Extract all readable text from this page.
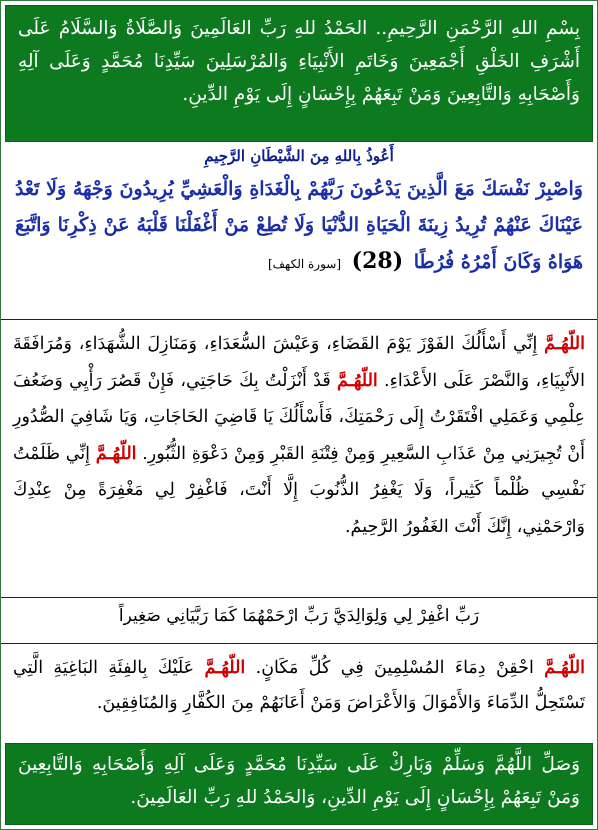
بِسْمِ اللهِ الرَّحْمَنِ الرَّحِيمِ.. الحَمْدُ للهِ رَبِّ العَالَمِينَ وَالصَّلَاةُ وَالسَّلَامُ عَلَى أَشْرَفِ الخَلْقِ أَجْمَعِينَ وَخَاتَمِ الأَنْبِيَاءِ وَالمُرْسَلِينَ سَيِّدِنَا مُحَمَّدٍ وَعَلَى آلِهِ وَأَصْحَابِهِ وَالتَّابِعِينَ وَمَنْ تَبِعَهُمْ بِإِحْسَانٍ إِلَى يَوْمِ الدِّينِ.
أَعُوذُ بِاللهِ مِنَ الشَّيْطَانِ الرَّجِيمِ
وَاصْبِرْ نَفْسَكَ مَعَ الَّذِينَ يَدْعُونَ رَبَّهُمْ بِالْغَدَاةِ وَالْعَشِيِّ يُرِيدُونَ وَجْهَهُ وَلَا تَعْدُ عَيْنَاكَ عَنْهُمْ تُرِيدُ زِينَةَ الْحَيَاةِ الدُّنْيَا وَلَا تُطِعْ مَنْ أَغْفَلْنَا قَلْبَهُ عَنْ ذِكْرِنَا وَاتَّبَعَ هَوَاهُ وَكَانَ أَمْرُهُ فُرُطًا (28) [سورة الكهف]
اللّهُـمَّ إِنِّي أَسْأَلُكَ الفَوْزَ يَوْمَ القَضَاءِ، وَعَيْشَ السُّعَدَاءِ، وَمَنَازِلَ الشُّهَدَاءِ، وَمُرَافَقَةَ الأَنْبِيَاءِ، وَالنَّصْرَ عَلَى الأَعْدَاءِ. اللّهُـمَّ قَدْ أَنْزَلْتُ بِكَ حَاجَتِي، فَإِنْ قَصُرَ رَأْيِي وَضَعُفَ عِلْمِي وَعَمَلِي افْتَقَرْتُ إِلَى رَحْمَتِكَ، فَأَسْأَلُكَ يَا قَاضِيَ الحَاجَاتِ، وَيَا شَافِيَ الصُّدُورِ أَنْ تُجِيرَنِي مِنْ عَذَابِ السَّعِيرِ وَمِنْ فِتْنَةِ القَبْرِ وَمِنْ دَعْوَةِ الثُّبُورِ. اللّهُـمَّ إِنِّي ظَلَمْتُ نَفْسِي ظُلْماً كَثِيراً، وَلَا يَغْفِرُ الذُّنُوبَ إِلَّا أَنْتَ، فَاغْفِرْ لِي مَغْفِرَةً مِنْ عِنْدِكَ وَارْحَمْنِي، إِنَّكَ أَنْتَ الغَفُورُ الرَّحِيمُ.
رَبِّ اغْفِرْ لِي وَلِوَالِدَيَّ رَبِّ ارْحَمْهُمَا كَمَا رَبَّيَانِي صَغِيراً
اللّهُـمَّ احْقِنْ دِمَاءَ المُسْلِمِينَ فِي كُلِّ مَكَانٍ. اللّهُـمَّ عَلَيْكَ بِالفِئَةِ البَاغِيَةِ الَّتِي تَسْتَحِلُّ الدِّمَاءَ وَالأَمْوَالَ وَالأَعْرَاضَ وَمَنْ أَعَانَهُمْ مِنَ الكُفَّارِ وَالمُنَافِقِينَ.
وَصَلِّ اللَّهُمَّ وَسَلِّمْ وَبَارِكْ عَلَى سَيِّدِنَا مُحَمَّدٍ وَعَلَى آلِهِ وَأَصْحَابِهِ وَالتَّابِعِينَ وَمَنْ تَبِعَهُمْ بِإِحْسَانٍ إِلَى يَوْمِ الدِّينِ، وَالحَمْدُ للهِ رَبِّ العَالَمِينَ.
